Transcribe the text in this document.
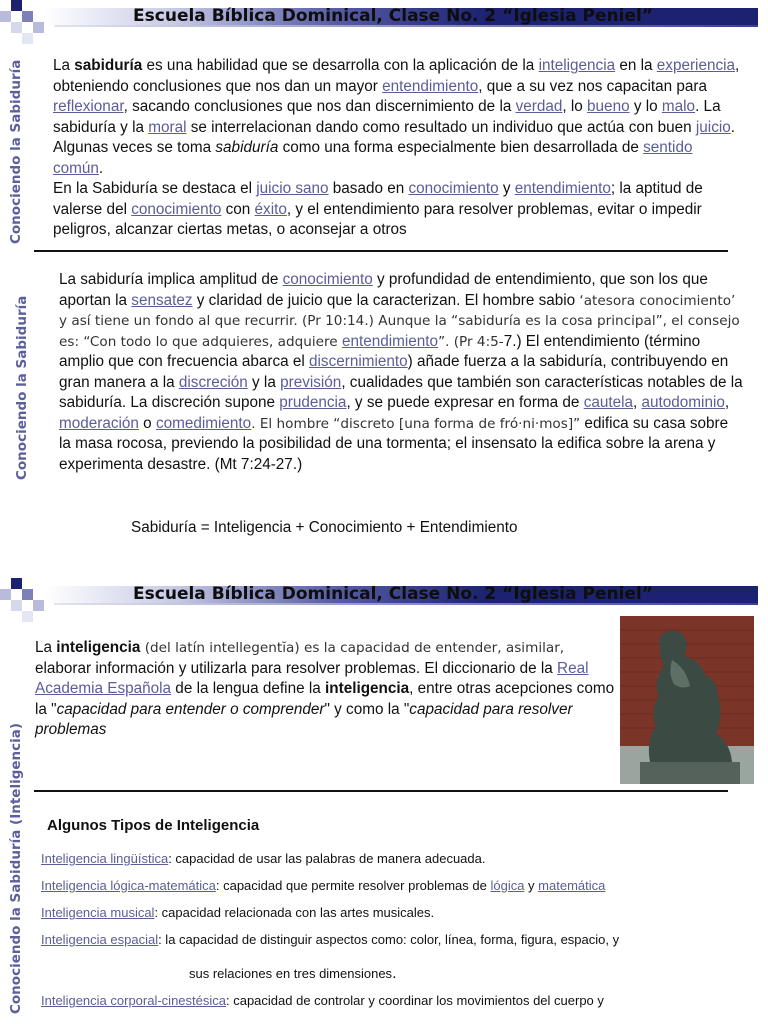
Escuela Bíblica Dominical, Clase No. 2 “Iglesia Peniel”
Conociendo la Sabiduría La sabiduría es una habilidad que se desarrolla con la aplicación de la inteligencia en la experiencia, obteniendo conclusiones que nos dan un mayor entendimiento, que a su vez nos capacitan para reflexionar, sacando conclusiones que nos dan discernimiento de la verdad, lo bueno y lo malo. La sabiduría y la moral se interrelacionan dando como resultado un individuo que actúa con buen juicio. Algunas veces se toma sabiduría como una forma especialmente bien desarrollada de sentido común.
En la Sabiduría se destaca el juicio sano basado en conocimiento y entendimiento; la aptitud de valerse del conocimiento con éxito, y el entendimiento para resolver problemas, evitar o impedir peligros, alcanzar ciertas metas, o aconsejar a otros
Conociendo la Sabiduría
La sabiduría implica amplitud de conocimiento y profundidad de entendimiento, que son los que aportan la sensatez y claridad de juicio que la caracterizan. El hombre sabio ‘atesora conocimiento’ y así tiene un fondo al que recurrir. (Pr 10:14.) Aunque la “sabiduría es la cosa principal”, el consejo es: “Con todo lo que adquieres, adquiere entendimiento”. (Pr 4:5-7.) El entendimiento (término amplio que con frecuencia abarca el discernimiento) añade fuerza a la sabiduría, contribuyendo en gran manera a la discreción y la previsión, cualidades que también son características notables de la sabiduría. La discreción supone prudencia, y se puede expresar en forma de cautela, autodominio, moderación o comedimiento. El hombre “discreto [una forma de fró·ni·mos]” edifica su casa sobre la masa rocosa, previendo la posibilidad de una tormenta; el insensato la edifica sobre la arena y experimenta desastre. (Mt 7:24-27.)
Sabiduría = Inteligencia + Conocimiento + Entendimiento
Escuela Bíblica Dominical, Clase No. 2 “Iglesia Peniel”
La inteligencia (del latín intellegentĭa) es la capacidad de entender, asimilar, elaborar información y utilizarla para resolver problemas. El diccionario de la Real Academia Española de la lengua define la inteligencia, entre otras acepciones como la "capacidad para entender o comprender" y como la "capacidad para resolver problemas
Conociendo la Sabiduría (Inteligencia) Algunos Tipos de Inteligencia
Inteligencia lingüística: capacidad de usar las palabras de manera adecuada.
Inteligencia lógica-matemática: capacidad que permite resolver problemas de lógica y matemática
Inteligencia musical: capacidad relacionada con las artes musicales.
Inteligencia espacial: la capacidad de distinguir aspectos como: color, línea, forma, figura, espacio, y
sus relaciones en tres dimensiones.
Inteligencia corporal-cinestésica: capacidad de controlar y coordinar los movimientos del cuerpo y
